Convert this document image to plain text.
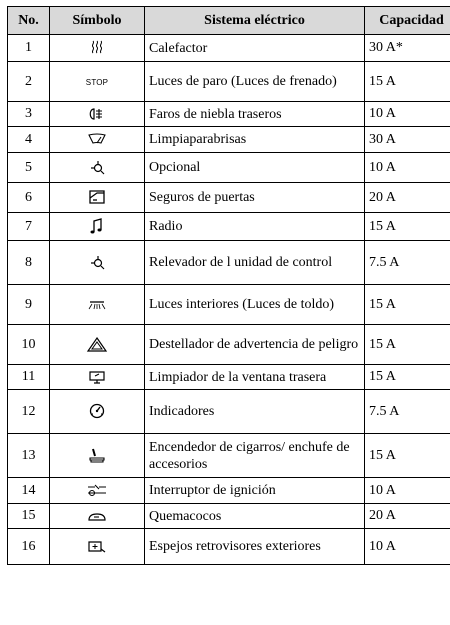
No.	Símbolo	Sistema eléctrico	Capacidad
1		Calefactor	30 A*
2	STOP	Luces de paro (Luces de frenado)	15 A
3		Faros de niebla traseros	10 A
4		Limpiaparabrisas	30 A
5		Opcional	10 A
6		Seguros de puertas	20 A
7		Radio	15 A
8		Relevador de l unidad de control	7.5 A
9		Luces interiores (Luces de toldo)	15 A
10		Destellador de advertencia de peligro	15 A
11		Limpiador de la ventana trasera	15 A
12		Indicadores	7.5 A
13		Encendedor de cigarros/ enchufe de accesorios	15 A
14		Interruptor de ignición	10 A
15		Quemacocos	20 A
16		Espejos retrovisores exteriores	10 A
